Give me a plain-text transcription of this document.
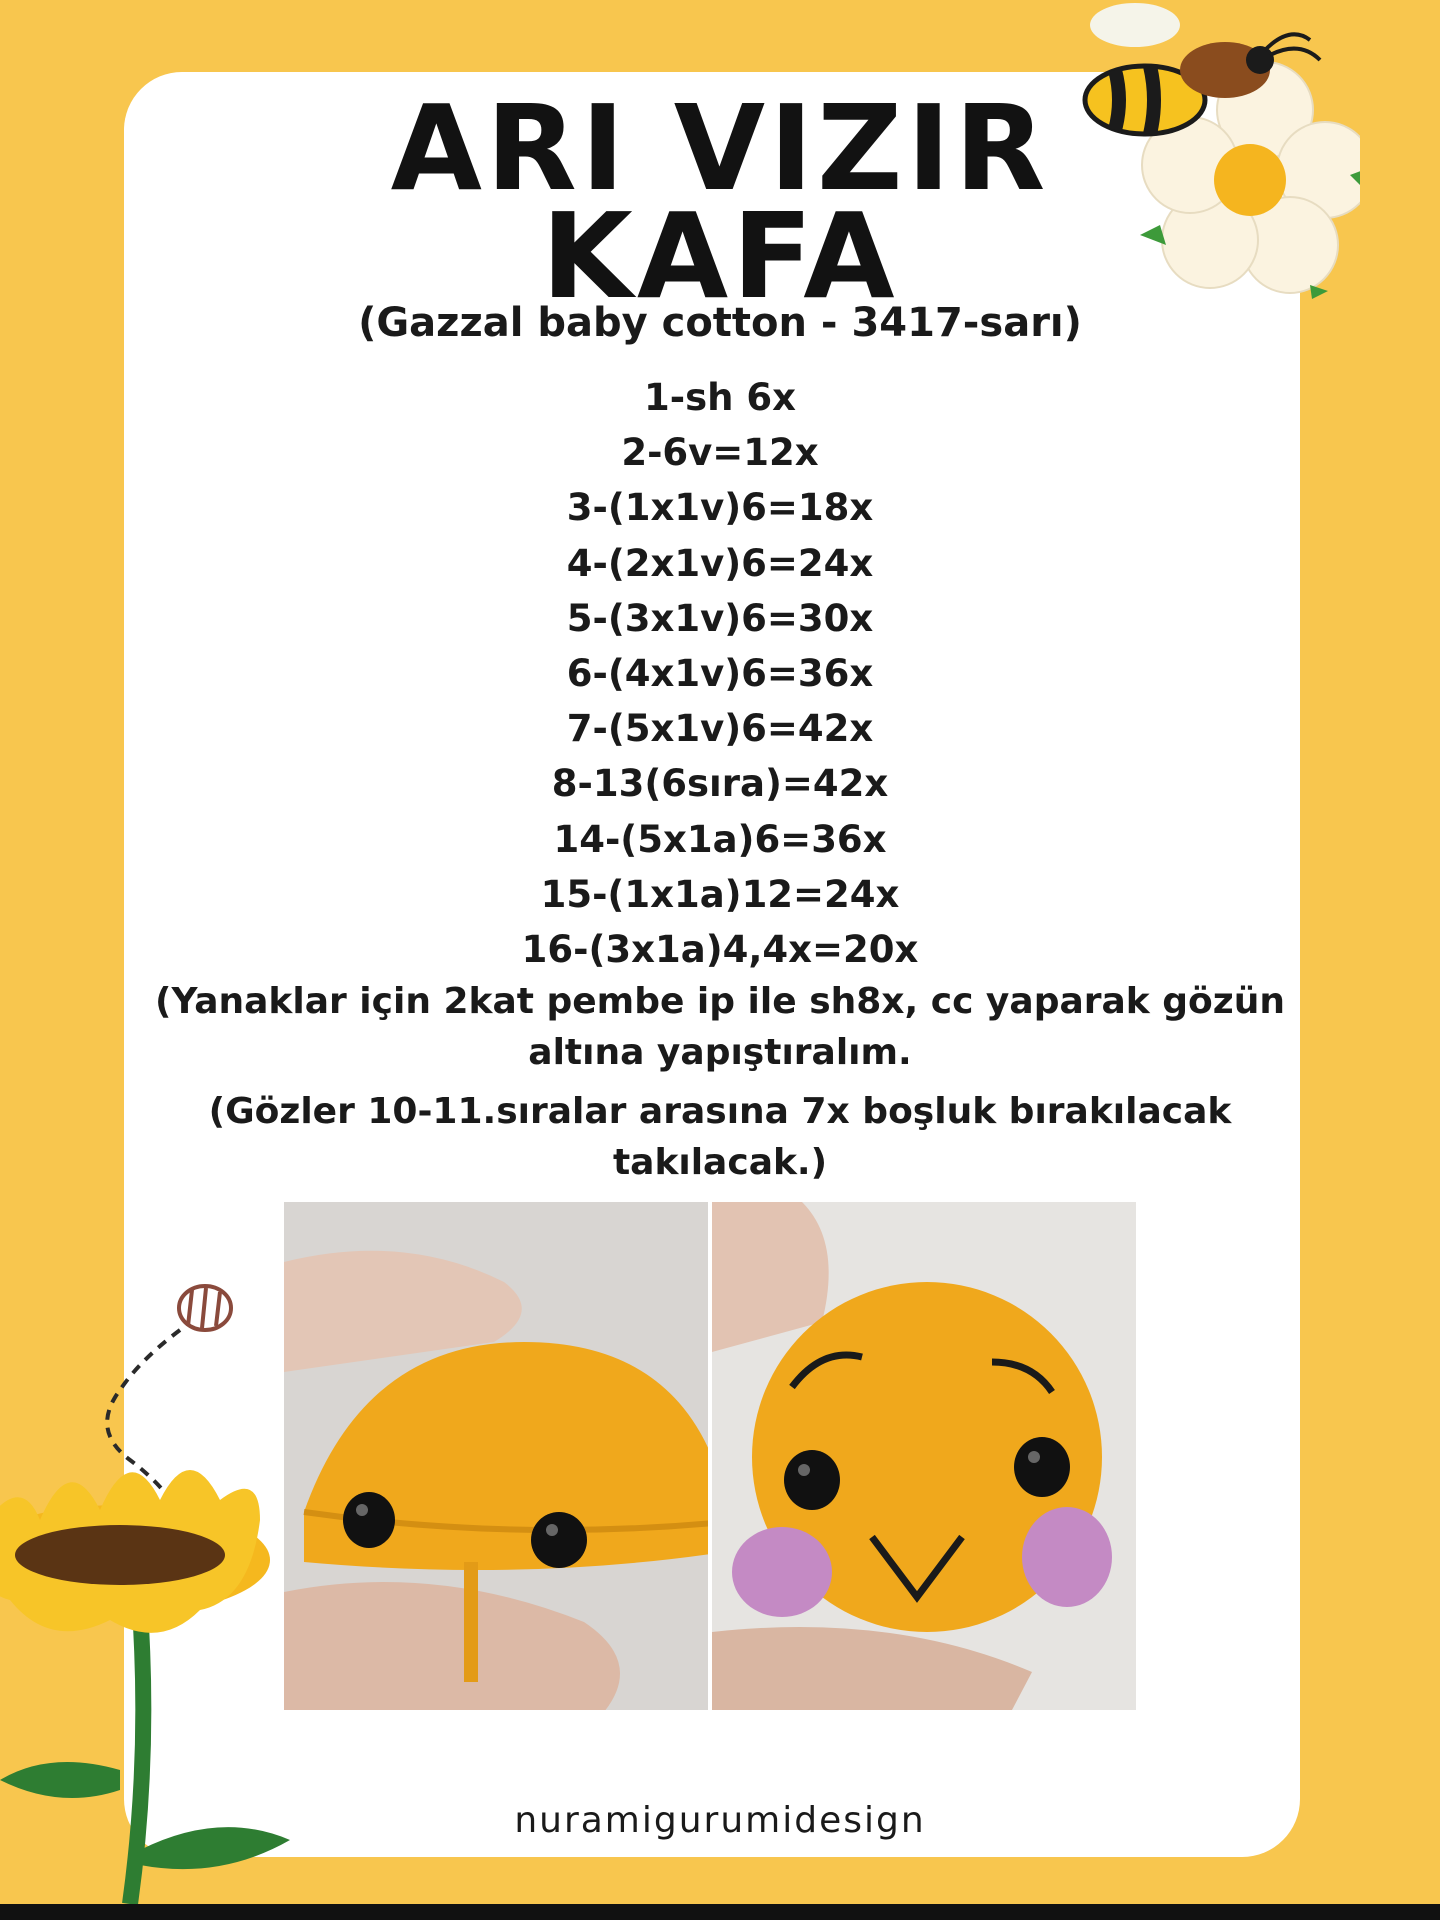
ARI VIZIR
KAFA
(Gazzal baby cotton - 3417-sarı)
1-sh 6x
2-6v=12x
3-(1x1v)6=18x
4-(2x1v)6=24x
5-(3x1v)6=30x
6-(4x1v)6=36x
7-(5x1v)6=42x
8-13(6sıra)=42x
14-(5x1a)6=36x
15-(1x1a)12=24x
16-(3x1a)4,4x=20x
(Yanaklar için 2kat pembe ip ile sh8x, cc yaparak gözün altına yapıştıralım.
(Gözler 10-11.sıralar arasına 7x boşluk bırakılacak takılacak.)
nuramigurumidesign
